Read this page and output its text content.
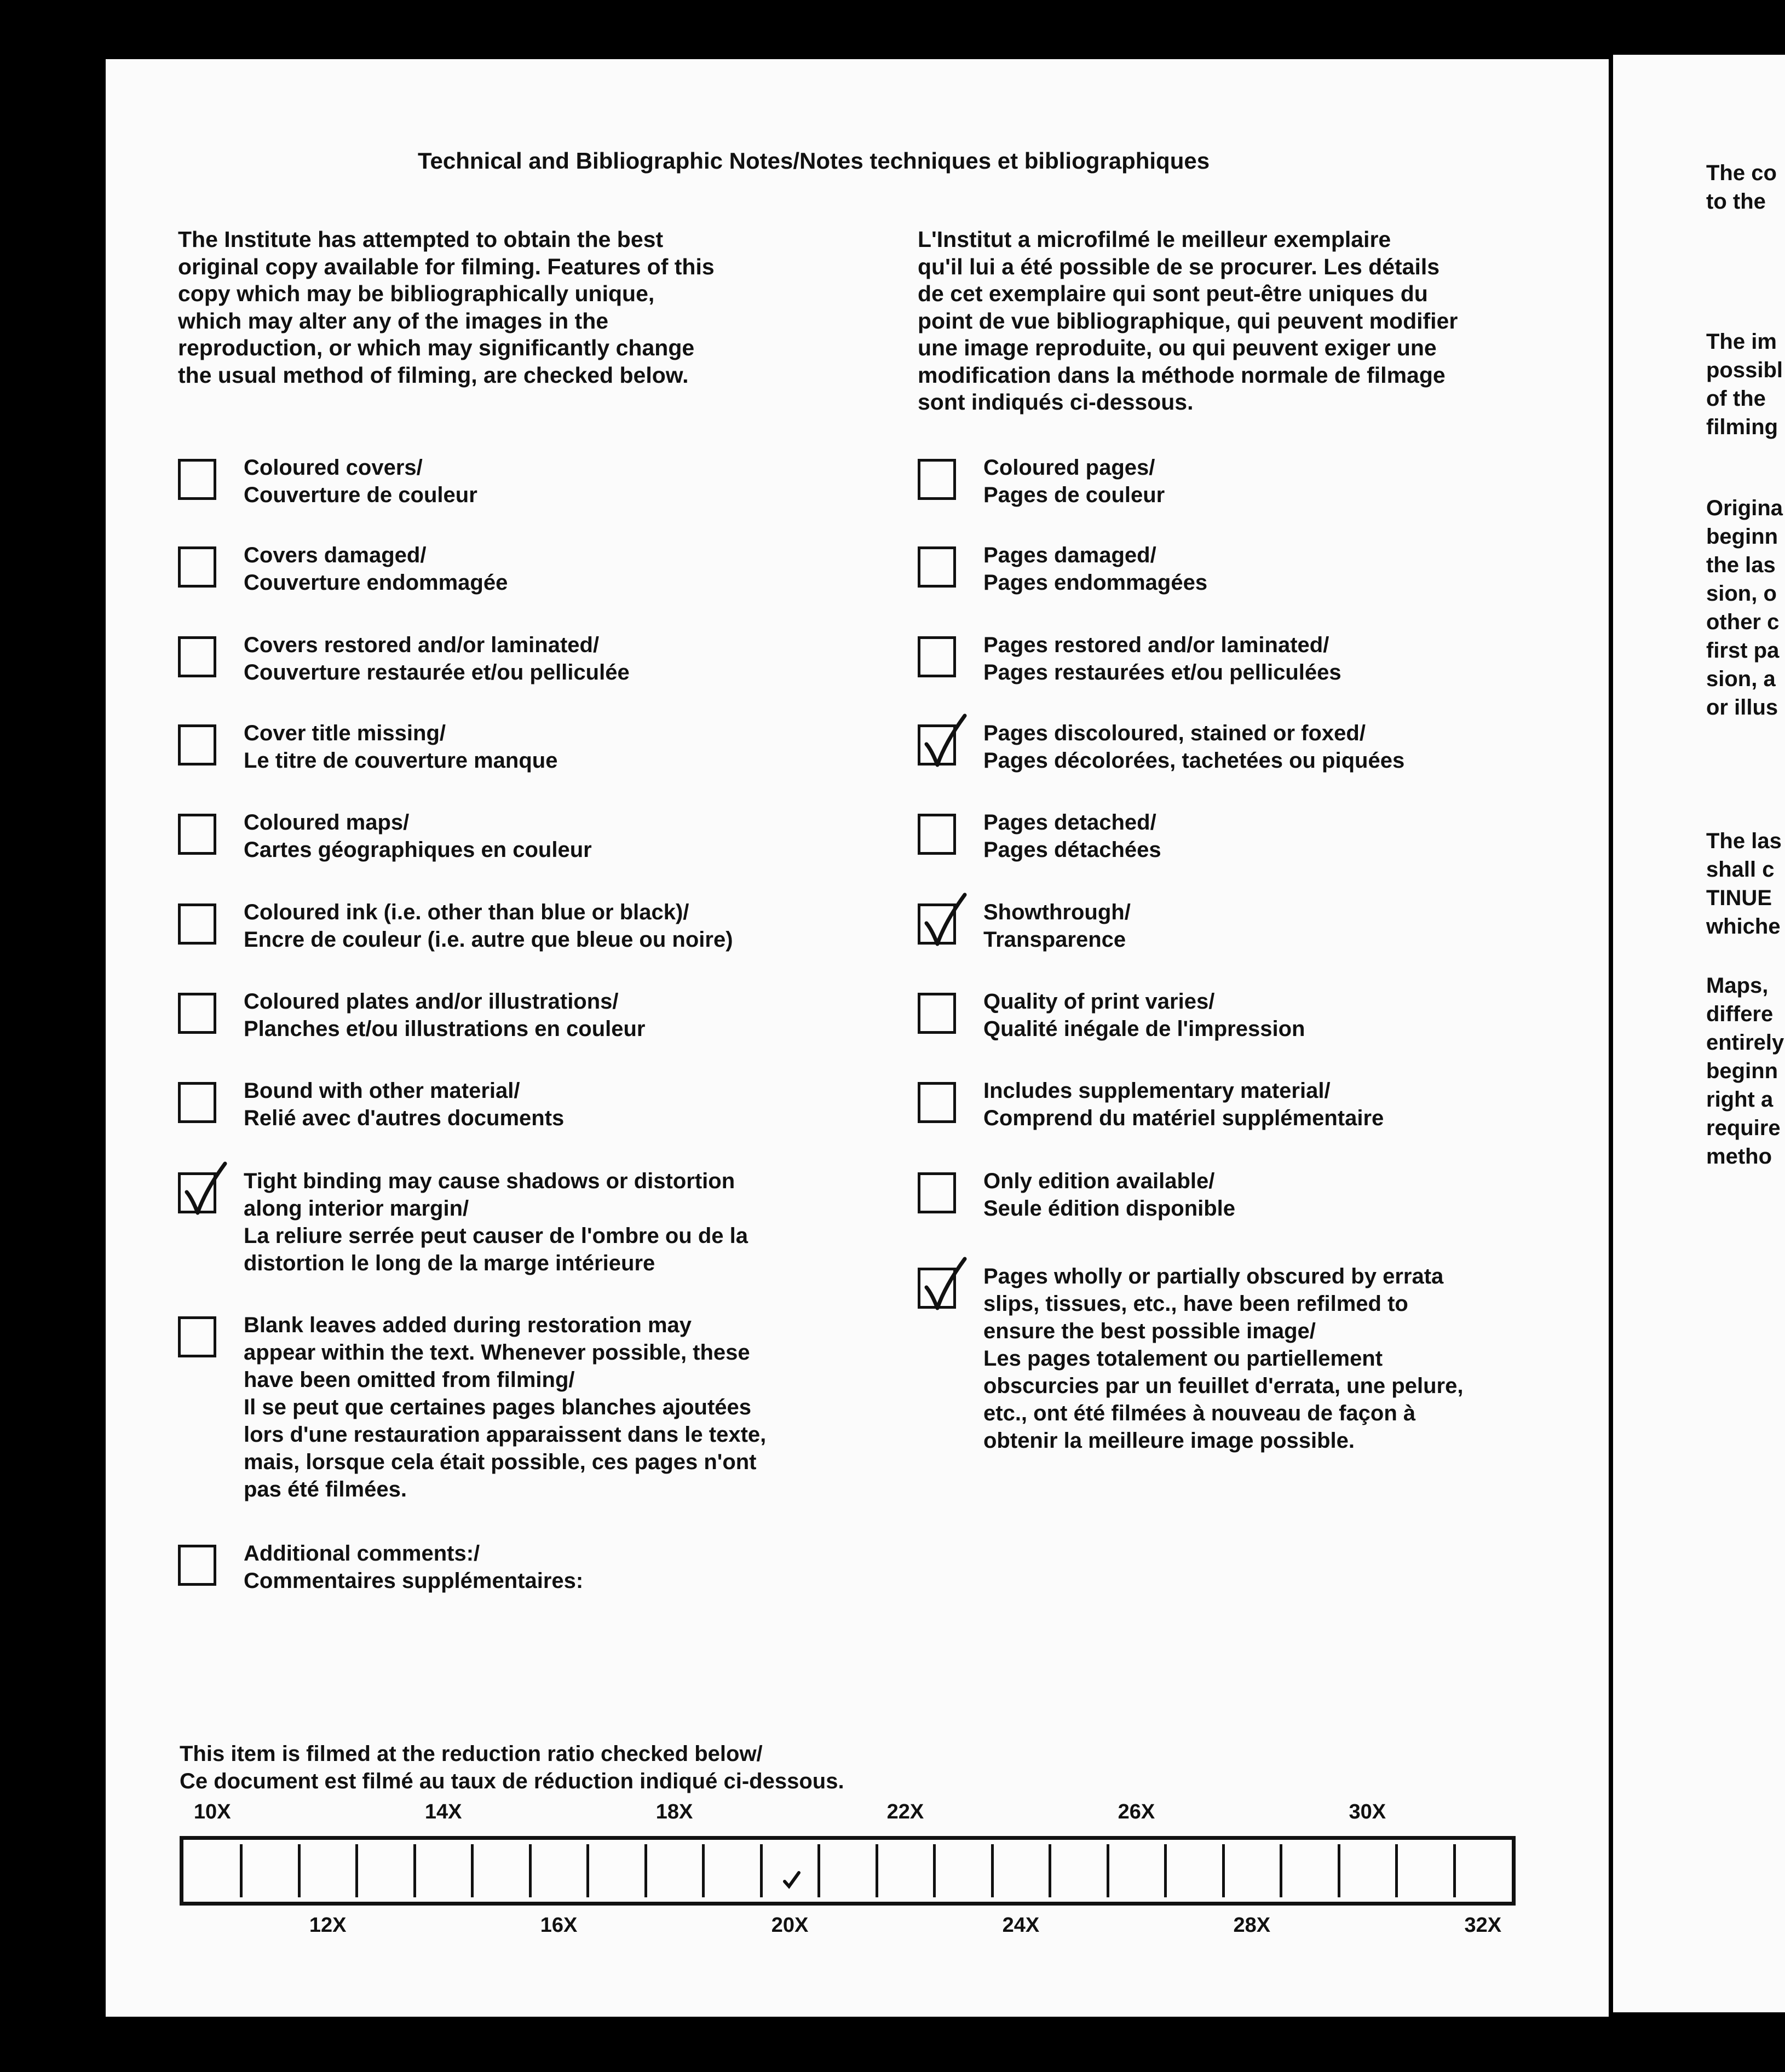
Technical and Bibliographic Notes/Notes techniques et bibliographiques

The Institute has attempted to obtain the best
original copy available for filming. Features of this
copy which may be bibliographically unique,
which may alter any of the images in the
reproduction, or which may significantly change
the usual method of filming, are checked below.

L'Institut a microfilmé le meilleur exemplaire
qu'il lui a été possible de se procurer. Les détails
de cet exemplaire qui sont peut-être uniques du
point de vue bibliographique, qui peuvent modifier
une image reproduite, ou qui peuvent exiger une
modification dans la méthode normale de filmage
sont indiqués ci-dessous.

Coloured covers/
Couverture de couleur
Covers damaged/
Couverture endommagée
Covers restored and/or laminated/
Couverture restaurée et/ou pelliculée
Cover title missing/
Le titre de couverture manque
Coloured maps/
Cartes géographiques en couleur
Coloured ink (i.e. other than blue or black)/
Encre de couleur (i.e. autre que bleue ou noire)
Coloured plates and/or illustrations/
Planches et/ou illustrations en couleur
Bound with other material/
Relié avec d'autres documents
Tight binding may cause shadows or distortion
along interior margin/
La reliure serrée peut causer de l'ombre ou de la
distortion le long de la marge intérieure
Blank leaves added during restoration may
appear within the text. Whenever possible, these
have been omitted from filming/
Il se peut que certaines pages blanches ajoutées
lors d'une restauration apparaissent dans le texte,
mais, lorsque cela était possible, ces pages n'ont
pas été filmées.
Additional comments:/
Commentaires supplémentaires:
Coloured pages/
Pages de couleur
Pages damaged/
Pages endommagées
Pages restored and/or laminated/
Pages restaurées et/ou pelliculées
Pages discoloured, stained or foxed/
Pages décolorées, tachetées ou piquées
Pages detached/
Pages détachées
Showthrough/
Transparence
Quality of print varies/
Qualité inégale de l'impression
Includes supplementary material/
Comprend du matériel supplémentaire
Only edition available/
Seule édition disponible
Pages wholly or partially obscured by errata
slips, tissues, etc., have been refilmed to
ensure the best possible image/
Les pages totalement ou partiellement
obscurcies par un feuillet d'errata, une pelure,
etc., ont été filmées à nouveau de façon à
obtenir la meilleure image possible.
This item is filmed at the reduction ratio checked below/
Ce document est filmé au taux de réduction indiqué ci-dessous.
10X	14X	18X	22X	26X	30X
12X	16X	20X	24X	28X	32X

The co

to the

The im

possibl

of the

filming

Origina

beginn

the las

sion, o

other c

first pa

sion, a

or illus

The las

shall c

TINUE

whiche

Maps,

differe

entirely

beginn

right a

require

metho
